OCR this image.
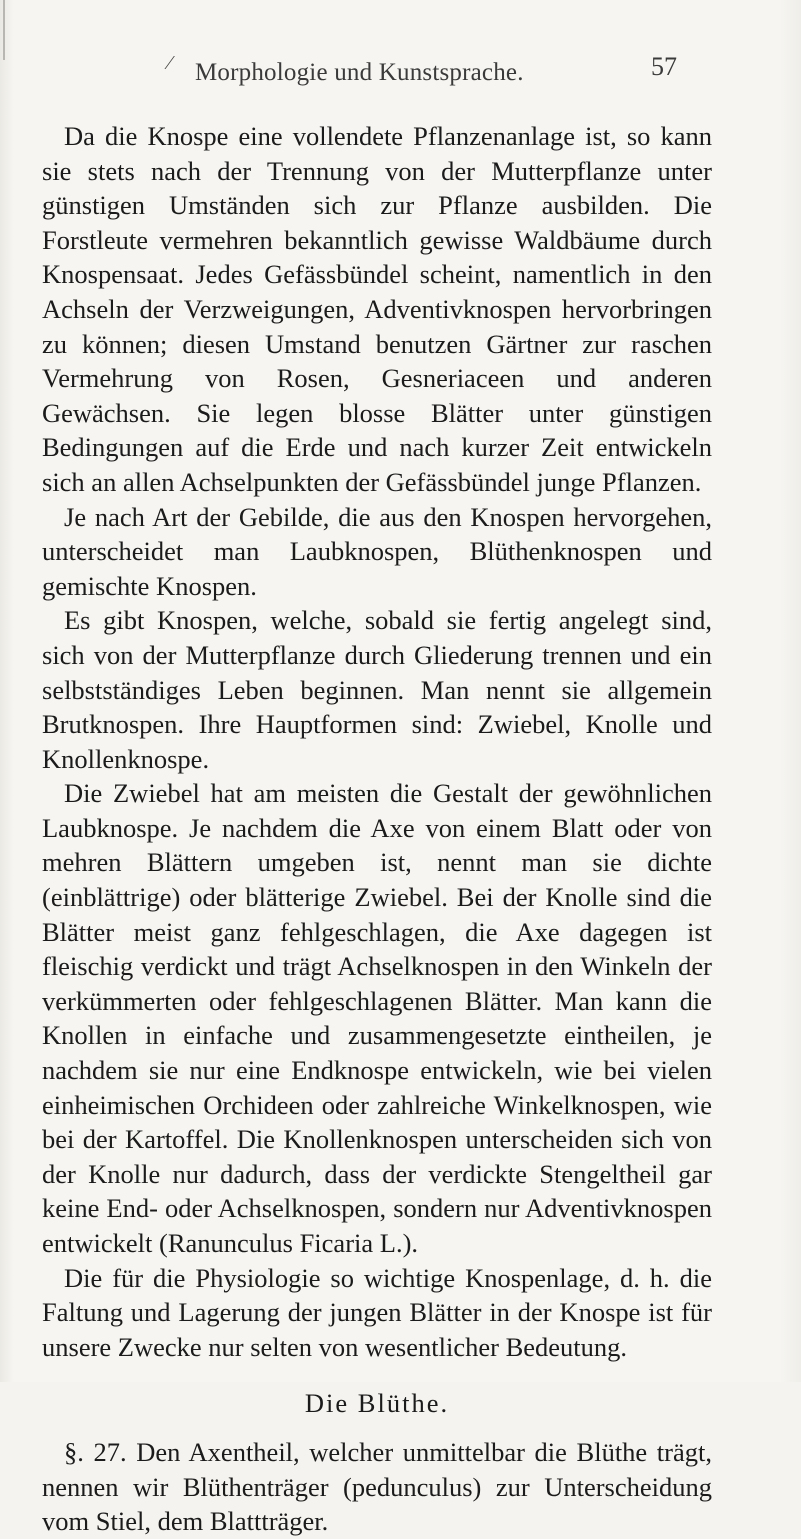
⁄ Morphologie und Kunstsprache.	57

Da die Knospe eine vollendete Pflanzenanlage ist, so kann sie stets nach der Trennung von der Mutterpflanze unter günstigen Umständen sich zur Pflanze ausbilden. Die Forstleute vermehren bekanntlich gewisse Waldbäume durch Knospensaat. Jedes Gefässbündel scheint, namentlich in den Achseln der Verzweigungen, Adventivknospen hervorbringen zu können; diesen Umstand benutzen Gärtner zur raschen Vermehrung von Rosen, Gesneriaceen und anderen Gewächsen. Sie legen blosse Blätter unter günstigen Bedingungen auf die Erde und nach kurzer Zeit entwickeln sich an allen Achselpunkten der Gefässbündel junge Pflanzen.

Je nach Art der Gebilde, die aus den Knospen hervorgehen, unterscheidet man Laubknospen, Blüthenknospen und gemischte Knospen.

Es gibt Knospen, welche, sobald sie fertig angelegt sind, sich von der Mutterpflanze durch Gliederung trennen und ein selbstständiges Leben beginnen. Man nennt sie allgemein Brutknospen. Ihre Hauptformen sind: Zwiebel, Knolle und Knollenknospe.

Die Zwiebel hat am meisten die Gestalt der gewöhnlichen Laubknospe. Je nachdem die Axe von einem Blatt oder von mehren Blättern umgeben ist, nennt man sie dichte (einblättrige) oder blätterige Zwiebel. Bei der Knolle sind die Blätter meist ganz fehlgeschlagen, die Axe dagegen ist fleischig verdickt und trägt Achselknospen in den Winkeln der verkümmerten oder fehlgeschlagenen Blätter. Man kann die Knollen in einfache und zusammengesetzte eintheilen, je nachdem sie nur eine Endknospe entwickeln, wie bei vielen einheimischen Orchideen oder zahlreiche Winkelknospen, wie bei der Kartoffel. Die Knollenknospen unterscheiden sich von der Knolle nur dadurch, dass der verdickte Stengeltheil gar keine End- oder Achselknospen, sondern nur Adventivknospen entwickelt (Ranunculus Ficaria L.).

Die für die Physiologie so wichtige Knospenlage, d. h. die Faltung und Lagerung der jungen Blätter in der Knospe ist für unsere Zwecke nur selten von wesentlicher Bedeutung.

Die Blüthe.

§. 27. Den Axentheil, welcher unmittelbar die Blüthe trägt, nennen wir Blüthenträger (pedunculus) zur Unterscheidung vom Stiel, dem Blattträger.
